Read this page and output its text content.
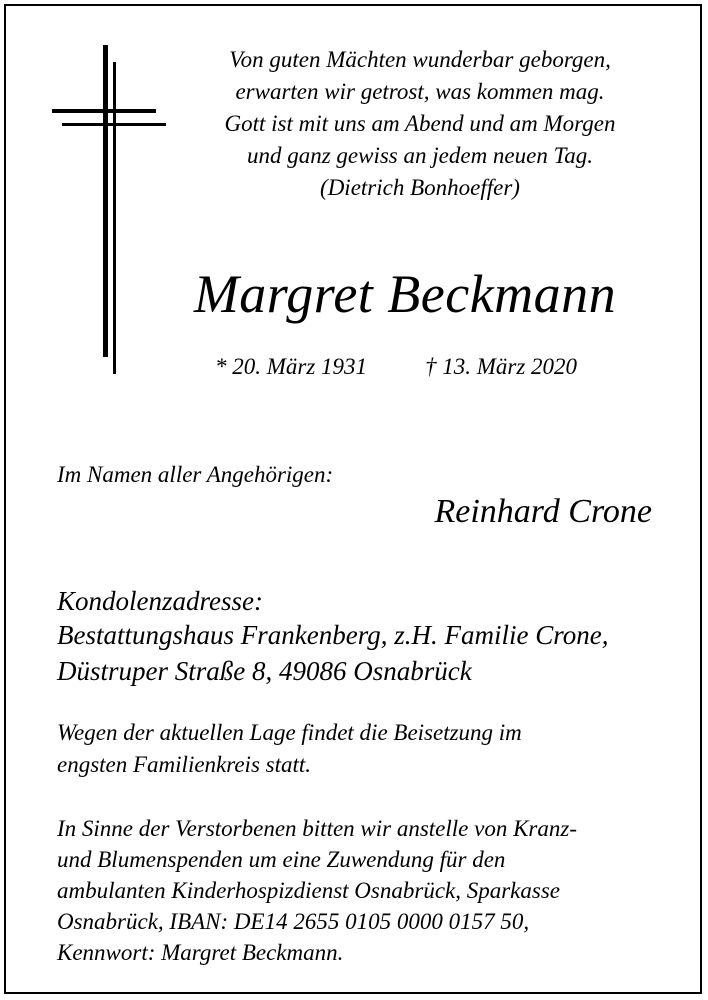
Von guten Mächten wunderbar geborgen,
erwarten wir getrost, was kommen mag.
Gott ist mit uns am Abend und am Morgen
und ganz gewiss an jedem neuen Tag.
(Dietrich Bonhoeffer)
Margret Beckmann
* 20. März 1931	† 13. März 2020
Im Namen aller Angehörigen:
Reinhard Crone
Kondolenzadresse:
Bestattungshaus Frankenberg, z.H. Familie Crone,
Düstruper Straße 8, 49086 Osnabrück
Wegen der aktuellen Lage findet die Beisetzung im
engsten Familienkreis statt.
In Sinne der Verstorbenen bitten wir anstelle von Kranz-
und Blumenspenden um eine Zuwendung für den
ambulanten Kinderhospizdienst Osnabrück, Sparkasse
Osnabrück, IBAN: DE14 2655 0105 0000 0157 50,
Kennwort: Margret Beckmann.
